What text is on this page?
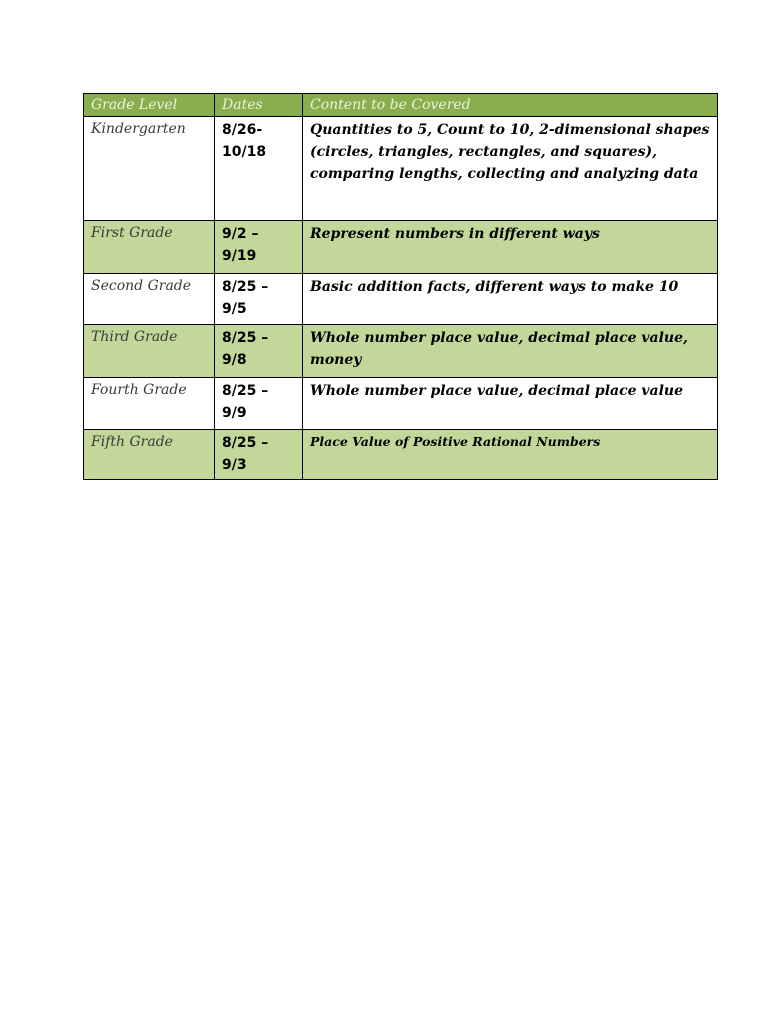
Grade Level	Dates	Content to be Covered
Kindergarten	8/26-10/18	Quantities to 5, Count to 10, 2-dimensional shapes (circles, triangles, rectangles, and squares), comparing lengths, collecting and analyzing data
First Grade	9/2 – 9/19	Represent numbers in different ways
Second Grade	8/25 – 9/5	Basic addition facts, different ways to make 10
Third Grade	8/25 – 9/8	Whole number place value, decimal place value, money
Fourth Grade	8/25 – 9/9	Whole number place value, decimal place value
Fifth Grade	8/25 – 9/3	Place Value of Positive Rational Numbers
